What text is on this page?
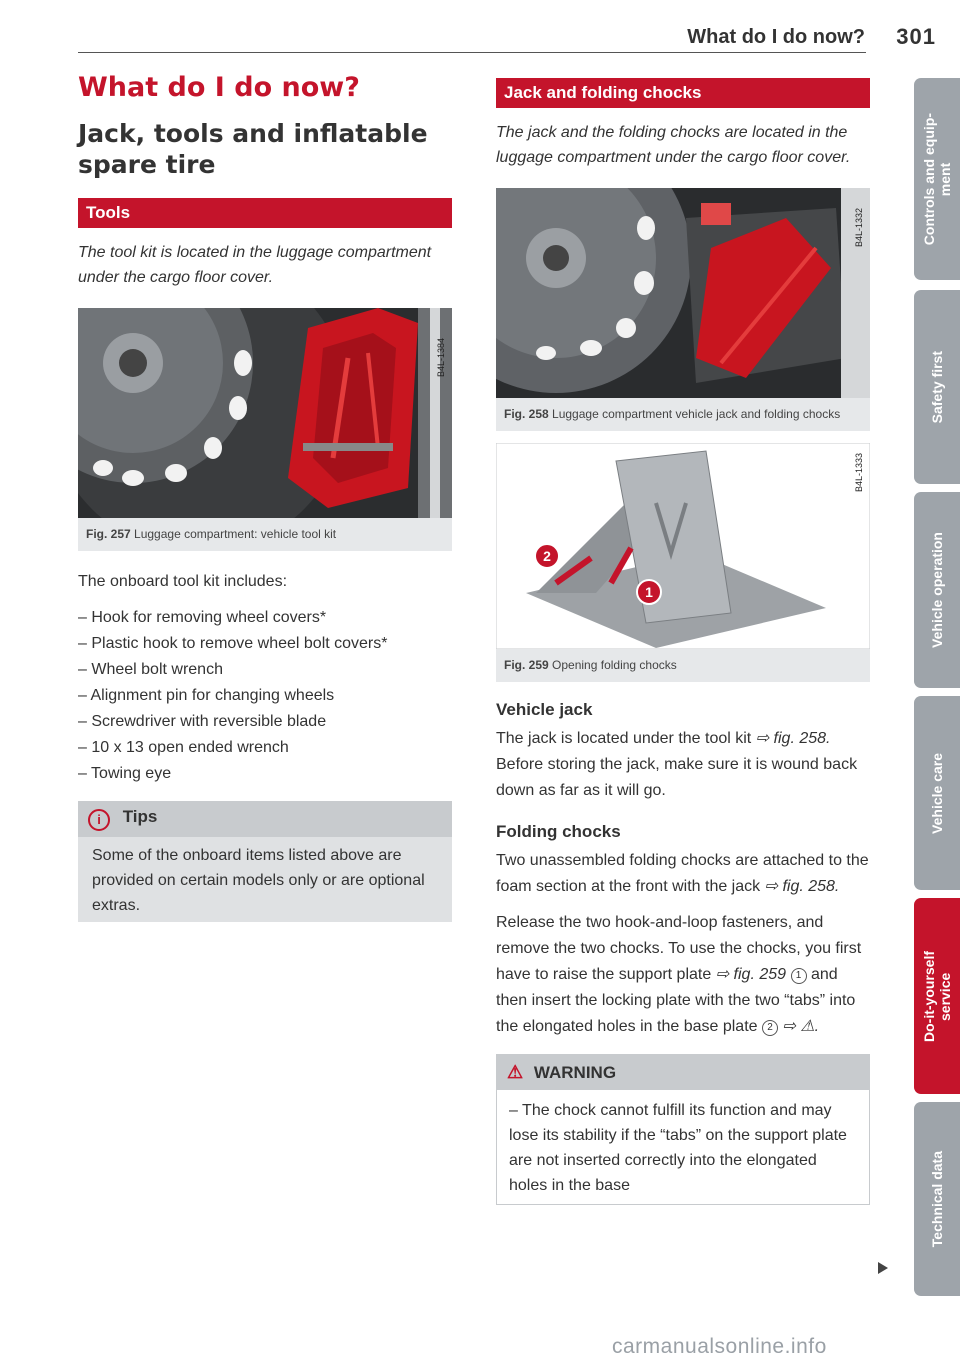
What do I do now? 301
What do I do now?
Jack, tools and inflatable spare tire
Tools
The tool kit is located in the luggage compartment under the cargo floor cover.
B4L-1384
Fig. 257 Luggage compartment: vehicle tool kit
The onboard tool kit includes:
– Hook for removing wheel covers*
– Plastic hook to remove wheel bolt covers*
– Wheel bolt wrench
– Alignment pin for changing wheels
– Screwdriver with reversible blade
– 10 x 13 open ended wrench
– Towing eye
i Tips
Some of the onboard items listed above are provided on certain models only or are optional extras.
Jack and folding chocks
The jack and the folding chocks are located in the luggage compartment under the cargo floor cover.
B4L-1332
Fig. 258 Luggage compartment vehicle jack and folding chocks
2
1
B4L-1333
Fig. 259 Opening folding chocks
Vehicle jack
The jack is located under the tool kit ⇨ fig. 258. Before storing the jack, make sure it is wound back down as far as it will go.
Folding chocks
Two unassembled folding chocks are attached to the foam section at the front with the jack ⇨ fig. 258.
Release the two hook-and-loop fasteners, and remove the two chocks. To use the chocks, you first have to raise the support plate ⇨ fig. 259 1 and then insert the locking plate with the two “tabs” into the elongated holes in the base plate 2 ⇨ ⚠.
⚠ WARNING
– The chock cannot fulfill its function and may lose its stability if the “tabs” on the support plate are not inserted correctly into the elongated holes in the base
Controls and equip-
ment
Safety first
Vehicle operation
Vehicle care
Do-it-yourself
service
Technical data
carmanualsonline.info
